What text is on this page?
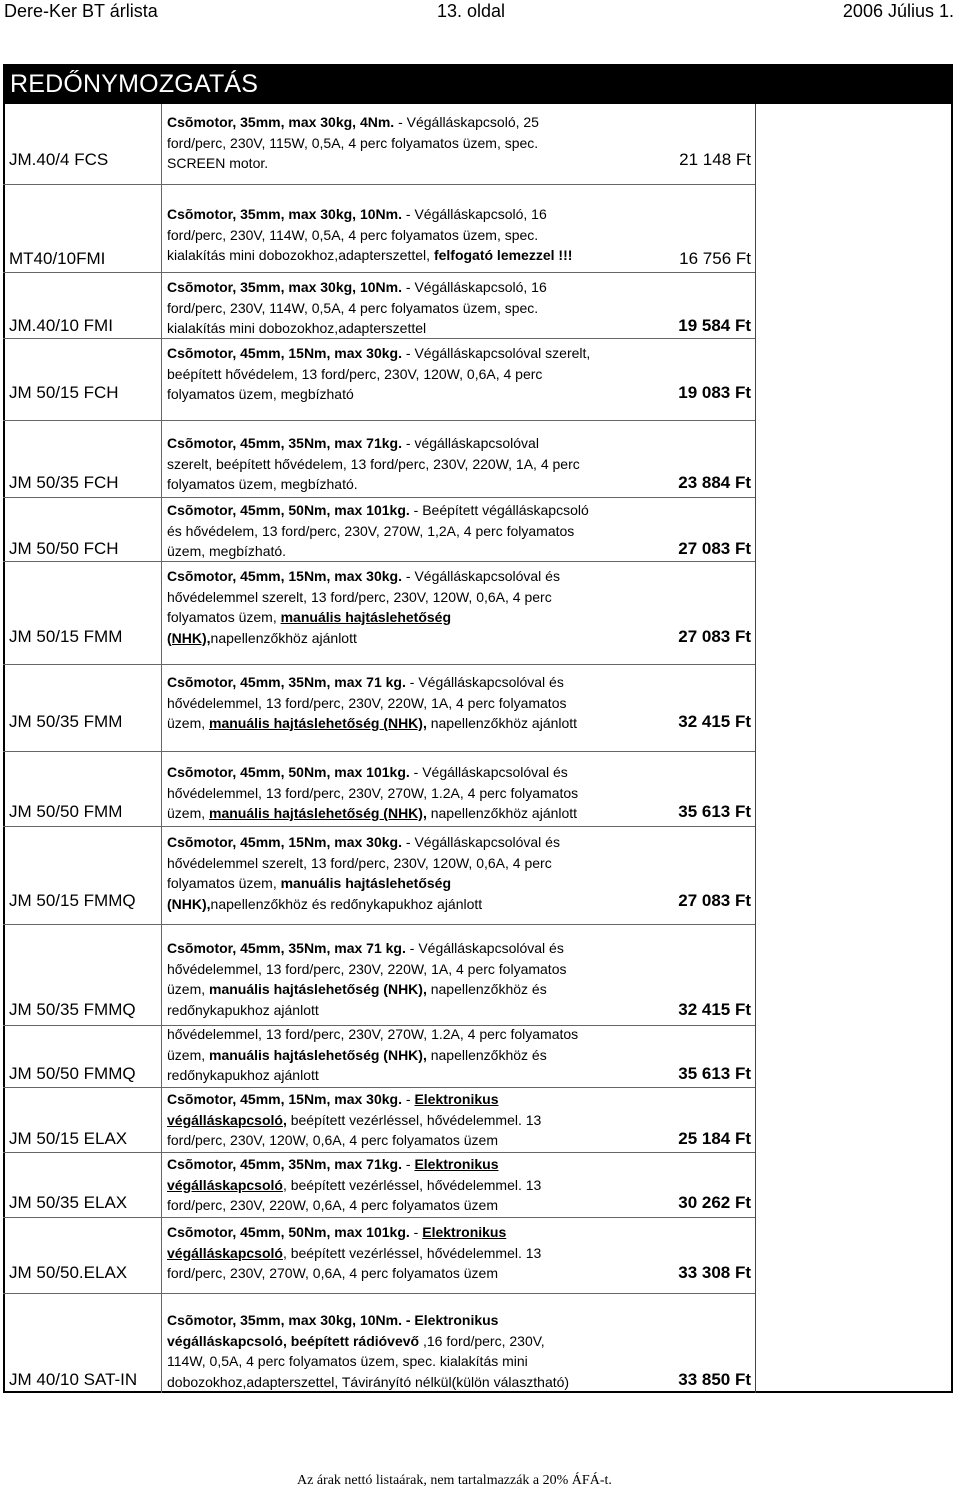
Dere-Ker BT árlista	13. oldal	2006 Július 1.
REDŐNYMOZGATÁS
JM.40/4 FCS
Csõmotor, 35mm, max 30kg, 4Nm. - Végálláskapcsoló, 25
ford/perc, 230V, 115W, 0,5A, 4 perc folyamatos üzem, spec.
SCREEN motor.	21 148 Ft
MT40/10FMI
Csõmotor, 35mm, max 30kg, 10Nm. - Végálláskapcsoló, 16
ford/perc, 230V, 114W, 0,5A, 4 perc folyamatos üzem, spec.
kialakítás mini dobozokhoz,adapterszettel, felfogató lemezzel !!!	16 756 Ft
JM.40/10 FMI
Csõmotor, 35mm, max 30kg, 10Nm. - Végálláskapcsoló, 16
ford/perc, 230V, 114W, 0,5A, 4 perc folyamatos üzem, spec.
kialakítás mini dobozokhoz,adapterszettel	19 584 Ft
JM 50/15 FCH
Csõmotor, 45mm, 15Nm, max 30kg. - Végálláskapcsolóval szerelt,
beépített hővédelem, 13 ford/perc, 230V, 120W, 0,6A, 4 perc
folyamatos üzem, megbízható	19 083 Ft
JM 50/35 FCH
Csõmotor, 45mm, 35Nm, max 71kg. - végálláskapcsolóval
szerelt, beépített hővédelem, 13 ford/perc, 230V, 220W, 1A, 4 perc
folyamatos üzem, megbízható.	23 884 Ft
JM 50/50 FCH
Csõmotor, 45mm, 50Nm, max 101kg. - Beépített végálláskapcsoló
és hővédelem, 13 ford/perc, 230V, 270W, 1,2A, 4 perc folyamatos
üzem, megbízható.	27 083 Ft
JM 50/15 FMM
Csõmotor, 45mm, 15Nm, max 30kg. - Végálláskapcsolóval és
hővédelemmel szerelt, 13 ford/perc, 230V, 120W, 0,6A, 4 perc
folyamatos üzem, manuális hajtáslehetőség
(NHK),napellenzőkhöz ajánlott	27 083 Ft
JM 50/35 FMM
Csõmotor, 45mm, 35Nm, max 71 kg. - Végálláskapcsolóval és
hővédelemmel, 13 ford/perc, 230V, 220W, 1A, 4 perc folyamatos
üzem, manuális hajtáslehetőség (NHK), napellenzőkhöz ajánlott	32 415 Ft
JM 50/50 FMM
Csõmotor, 45mm, 50Nm, max 101kg. - Végálláskapcsolóval és
hővédelemmel, 13 ford/perc, 230V, 270W, 1.2A, 4 perc folyamatos
üzem, manuális hajtáslehetőség (NHK), napellenzőkhöz ajánlott	35 613 Ft
JM 50/15 FMMQ
Csõmotor, 45mm, 15Nm, max 30kg. - Végálláskapcsolóval és
hővédelemmel szerelt, 13 ford/perc, 230V, 120W, 0,6A, 4 perc
folyamatos üzem, manuális hajtáslehetőség
(NHK),napellenzőkhöz és redőnykapukhoz ajánlott	27 083 Ft
JM 50/35 FMMQ
Csõmotor, 45mm, 35Nm, max 71 kg. - Végálláskapcsolóval és
hővédelemmel, 13 ford/perc, 230V, 220W, 1A, 4 perc folyamatos
üzem, manuális hajtáslehetőség (NHK), napellenzőkhöz és
redőnykapukhoz ajánlott	32 415 Ft
JM 50/50 FMMQ
hővédelemmel, 13 ford/perc, 230V, 270W, 1.2A, 4 perc folyamatos
üzem, manuális hajtáslehetőség (NHK), napellenzőkhöz és
redőnykapukhoz ajánlott	35 613 Ft
JM 50/15 ELAX
Csõmotor, 45mm, 15Nm, max 30kg. - Elektronikus
végálláskapcsoló, beépített vezérléssel, hővédelemmel. 13
ford/perc, 230V, 120W, 0,6A, 4 perc folyamatos üzem	25 184 Ft
JM 50/35 ELAX
Csõmotor, 45mm, 35Nm, max 71kg. - Elektronikus
végálláskapcsoló, beépített vezérléssel, hővédelemmel. 13
ford/perc, 230V, 220W, 0,6A, 4 perc folyamatos üzem	30 262 Ft
JM 50/50.ELAX
Csõmotor, 45mm, 50Nm, max 101kg. - Elektronikus
végálláskapcsoló, beépített vezérléssel, hővédelemmel. 13
ford/perc, 230V, 270W, 0,6A, 4 perc folyamatos üzem	33 308 Ft
JM 40/10 SAT-IN
Csõmotor, 35mm, max 30kg, 10Nm. - Elektronikus
végálláskapcsoló, beépített rádióvevő ,16 ford/perc, 230V,
114W, 0,5A, 4 perc folyamatos üzem, spec. kialakítás mini
dobozokhoz,adapterszettel, Távirányító nélkül(külön választható)	33 850 Ft
Az árak nettó listaárak, nem tartalmazzák a 20% ÁFÁ-t.
